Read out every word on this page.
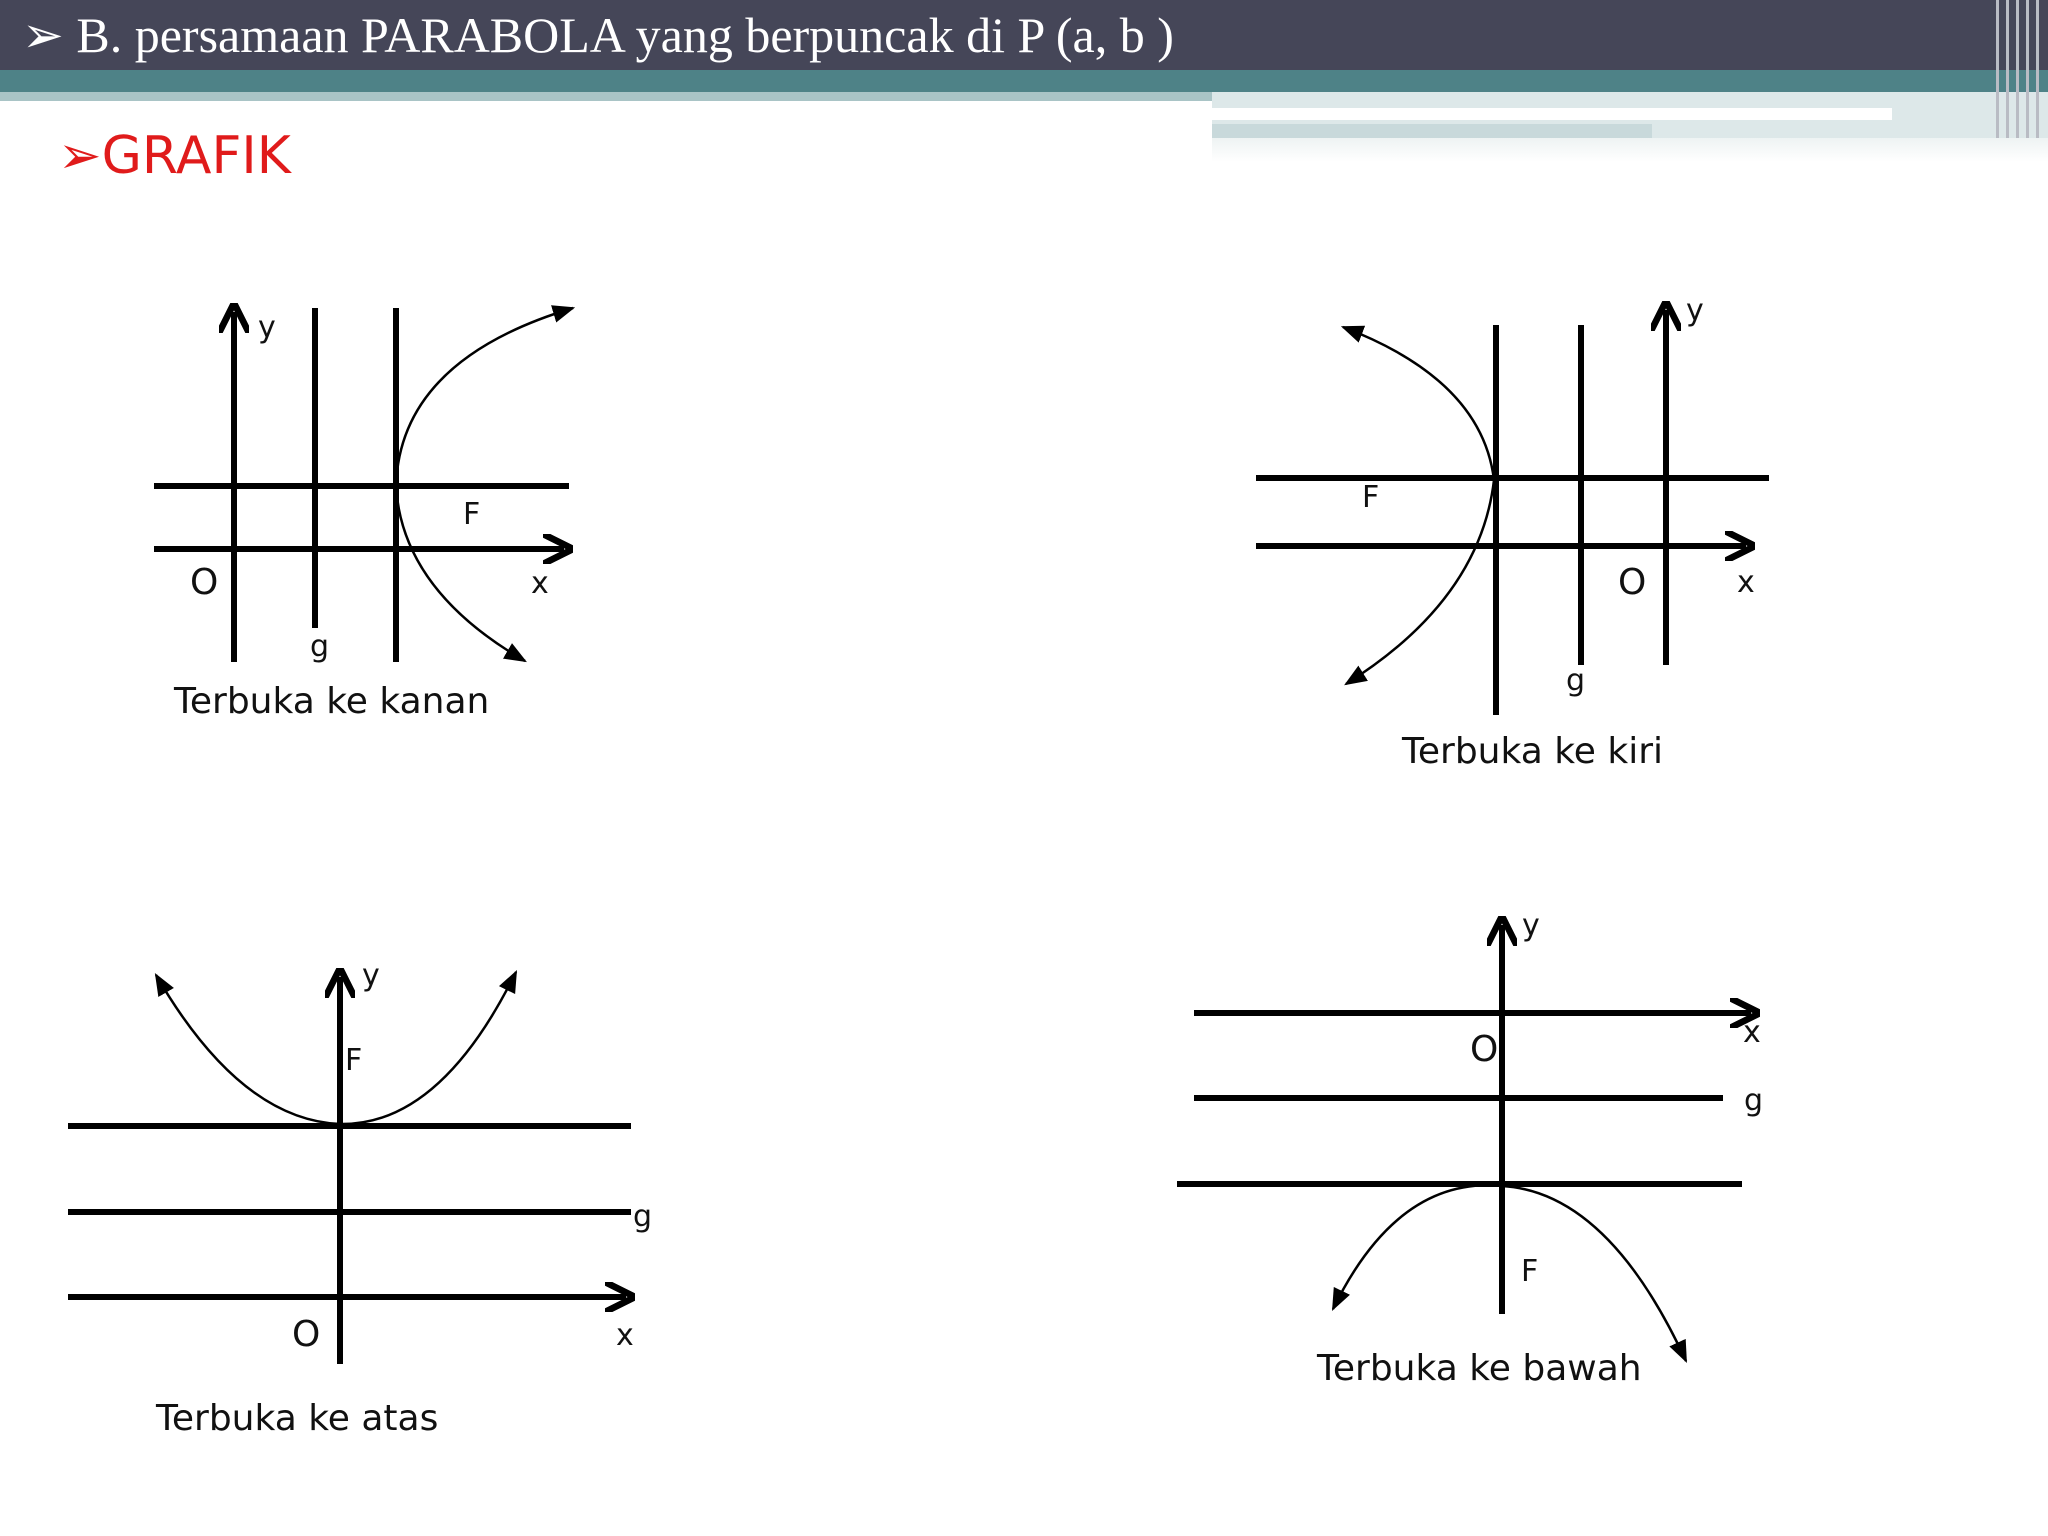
➢ B. persamaan PARABOLA yang berpuncak di P (a, b )
➢GRAFIK
y
F
O	x
g
Terbuka ke kanan
y
F
O	x
g
Terbuka ke kiri
y
F
g
O	x
Terbuka ke atas
y
x
O
g
F
Terbuka ke bawah
